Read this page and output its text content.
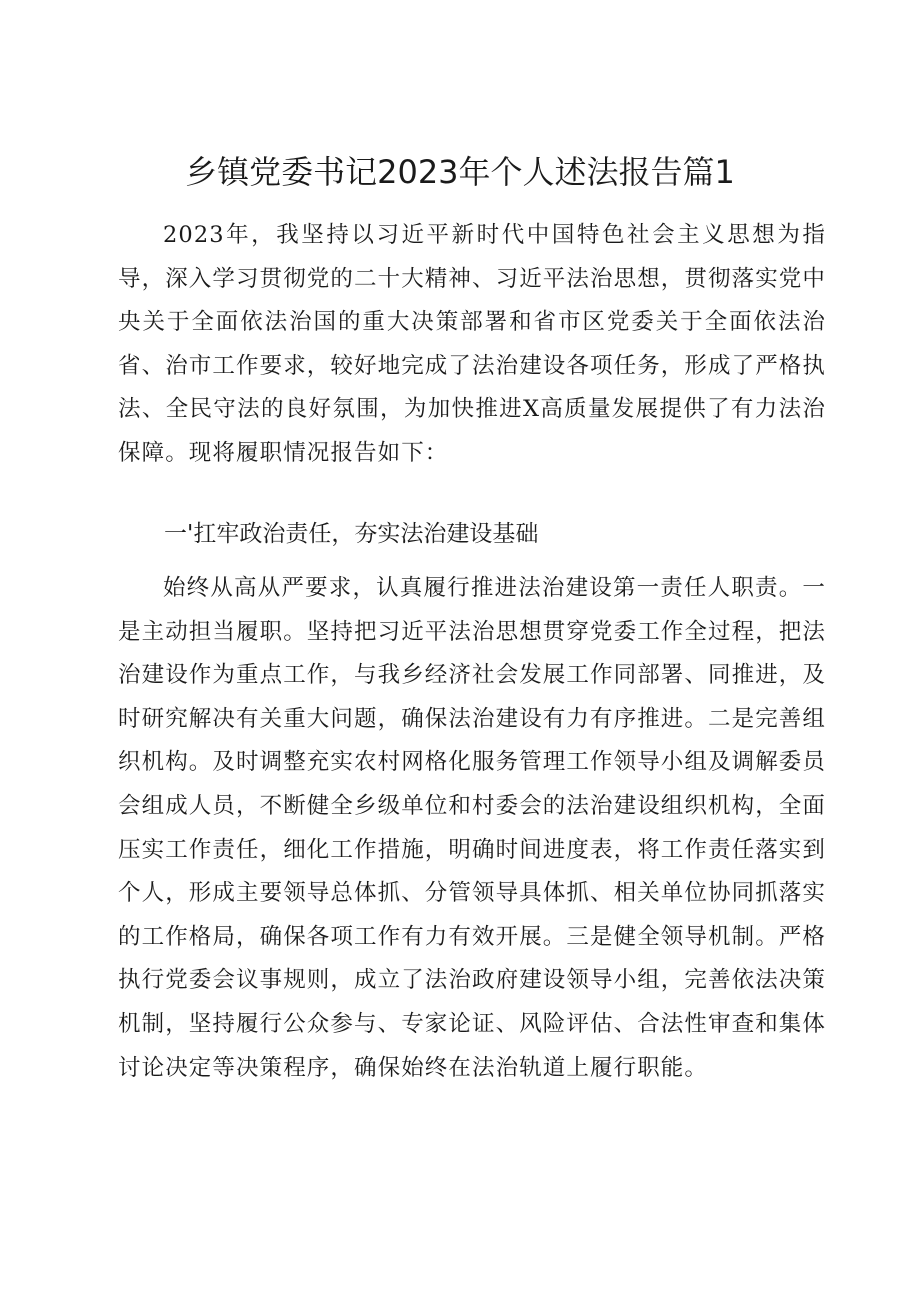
乡镇党委书记2023年个人述法报告篇1

2023年，我坚持以习近平新时代中国特色社会主义思想为指导，深入学习贯彻党的二十大精神、习近平法治思想，贯彻落实党中央关于全面依法治国的重大决策部署和省市区党委关于全面依法治省、治市工作要求，较好地完成了法治建设各项任务，形成了严格执法、全民守法的良好氛围，为加快推进X高质量发展提供了有力法治保障。现将履职情况报告如下：

一'扛牢政治责任，夯实法治建设基础

始终从高从严要求，认真履行推进法治建设第一责任人职责。一是主动担当履职。坚持把习近平法治思想贯穿党委工作全过程，把法治建设作为重点工作，与我乡经济社会发展工作同部署、同推进，及时研究解决有关重大问题，确保法治建设有力有序推进。二是完善组织机构。及时调整充实农村网格化服务管理工作领导小组及调解委员会组成人员，不断健全乡级单位和村委会的法治建设组织机构，全面压实工作责任，细化工作措施，明确时间进度表，将工作责任落实到个人，形成主要领导总体抓、分管领导具体抓、相关单位协同抓落实的工作格局，确保各项工作有力有效开展。三是健全领导机制。严格执行党委会议事规则，成立了法治政府建设领导小组，完善依法决策机制，坚持履行公众参与、专家论证、风险评估、合法性审查和集体讨论决定等决策程序，确保始终在法治轨道上履行职能。
